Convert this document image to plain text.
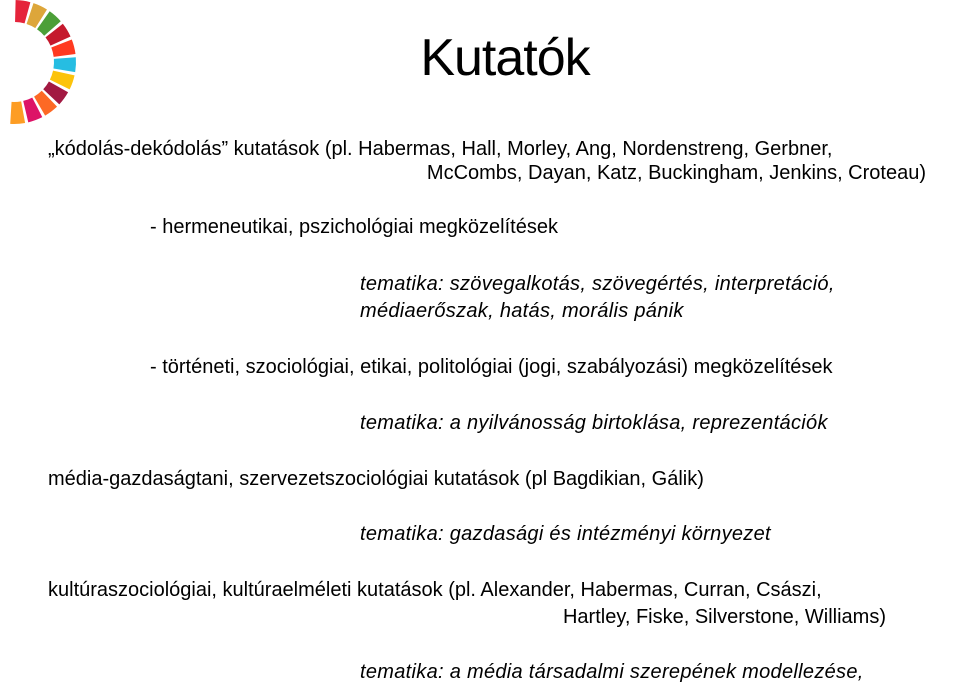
Kutatók
„kódolás-dekódolás” kutatások (pl. Habermas, Hall, Morley, Ang, Nordenstreng, Gerbner,
McCombs, Dayan, Katz, Buckingham, Jenkins, Croteau)
- hermeneutikai, pszichológiai megközelítések
tematika: szövegalkotás, szövegértés, interpretáció,
médiaerőszak, hatás, morális pánik
- történeti, szociológiai, etikai, politológiai (jogi, szabályozási) megközelítések
tematika: a nyilvánosság birtoklása, reprezentációk
média-gazdaságtani, szervezetszociológiai kutatások (pl Bagdikian, Gálik)
tematika: gazdasági és intézményi környezet
kultúraszociológiai, kultúraelméleti kutatások (pl. Alexander, Habermas, Curran, Császi,
Hartley, Fiske, Silverstone, Williams)
tematika: a média társadalmi szerepének modellezése,
